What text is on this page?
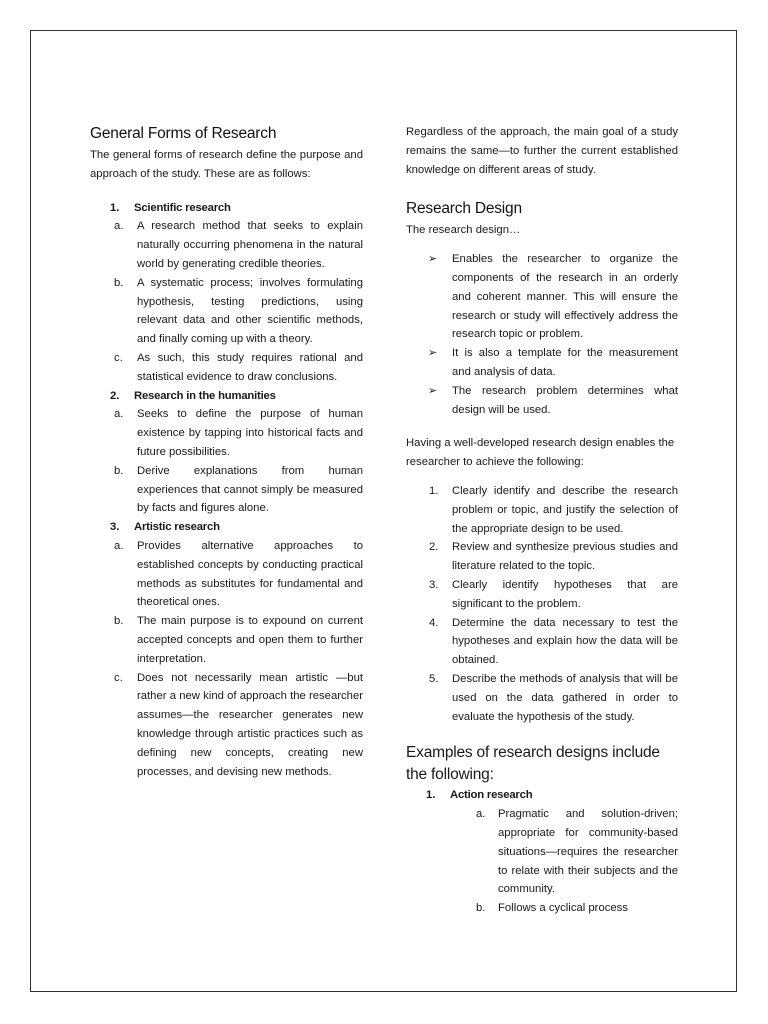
General Forms of Research

The general forms of research define the purpose and approach of the study. These are as follows:

1. Scientific research
a. A research method that seeks to explain naturally occurring phenomena in the natural world by generating credible theories.
b. A systematic process; involves formulating hypothesis, testing predictions, using relevant data and other scientific methods, and finally coming up with a theory.
c. As such, this study requires rational and statistical evidence to draw conclusions.
2. Research in the humanities
a. Seeks to define the purpose of human existence by tapping into historical facts and future possibilities.
b. Derive explanations from human experiences that cannot simply be measured by facts and figures alone.
3. Artistic research
a. Provides alternative approaches to established concepts by conducting practical methods as substitutes for fundamental and theoretical ones.
b. The main purpose is to expound on current accepted concepts and open them to further interpretation.
c. Does not necessarily mean artistic —but rather a new kind of approach the researcher assumes—the researcher generates new knowledge through artistic practices such as defining new concepts, creating new processes, and devising new methods.

Regardless of the approach, the main goal of a study remains the same—to further the current established knowledge on different areas of study.

Research Design

The research design…

➢ Enables the researcher to organize the components of the research in an orderly and coherent manner. This will ensure the research or study will effectively address the research topic or problem.
➢ It is also a template for the measurement and analysis of data.
➢ The research problem determines what design will be used.

Having a well-developed research design enables the researcher to achieve the following:

1. Clearly identify and describe the research problem or topic, and justify the selection of the appropriate design to be used.
2. Review and synthesize previous studies and literature related to the topic.
3. Clearly identify hypotheses that are significant to the problem.
4. Determine the data necessary to test the hypotheses and explain how the data will be obtained.
5. Describe the methods of analysis that will be used on the data gathered in order to evaluate the hypothesis of the study.
Examples of research designs include the following:
1. Action research
a. Pragmatic and solution-driven; appropriate for community-based situations—requires the researcher to relate with their subjects and the community.
b. Follows a cyclical process
